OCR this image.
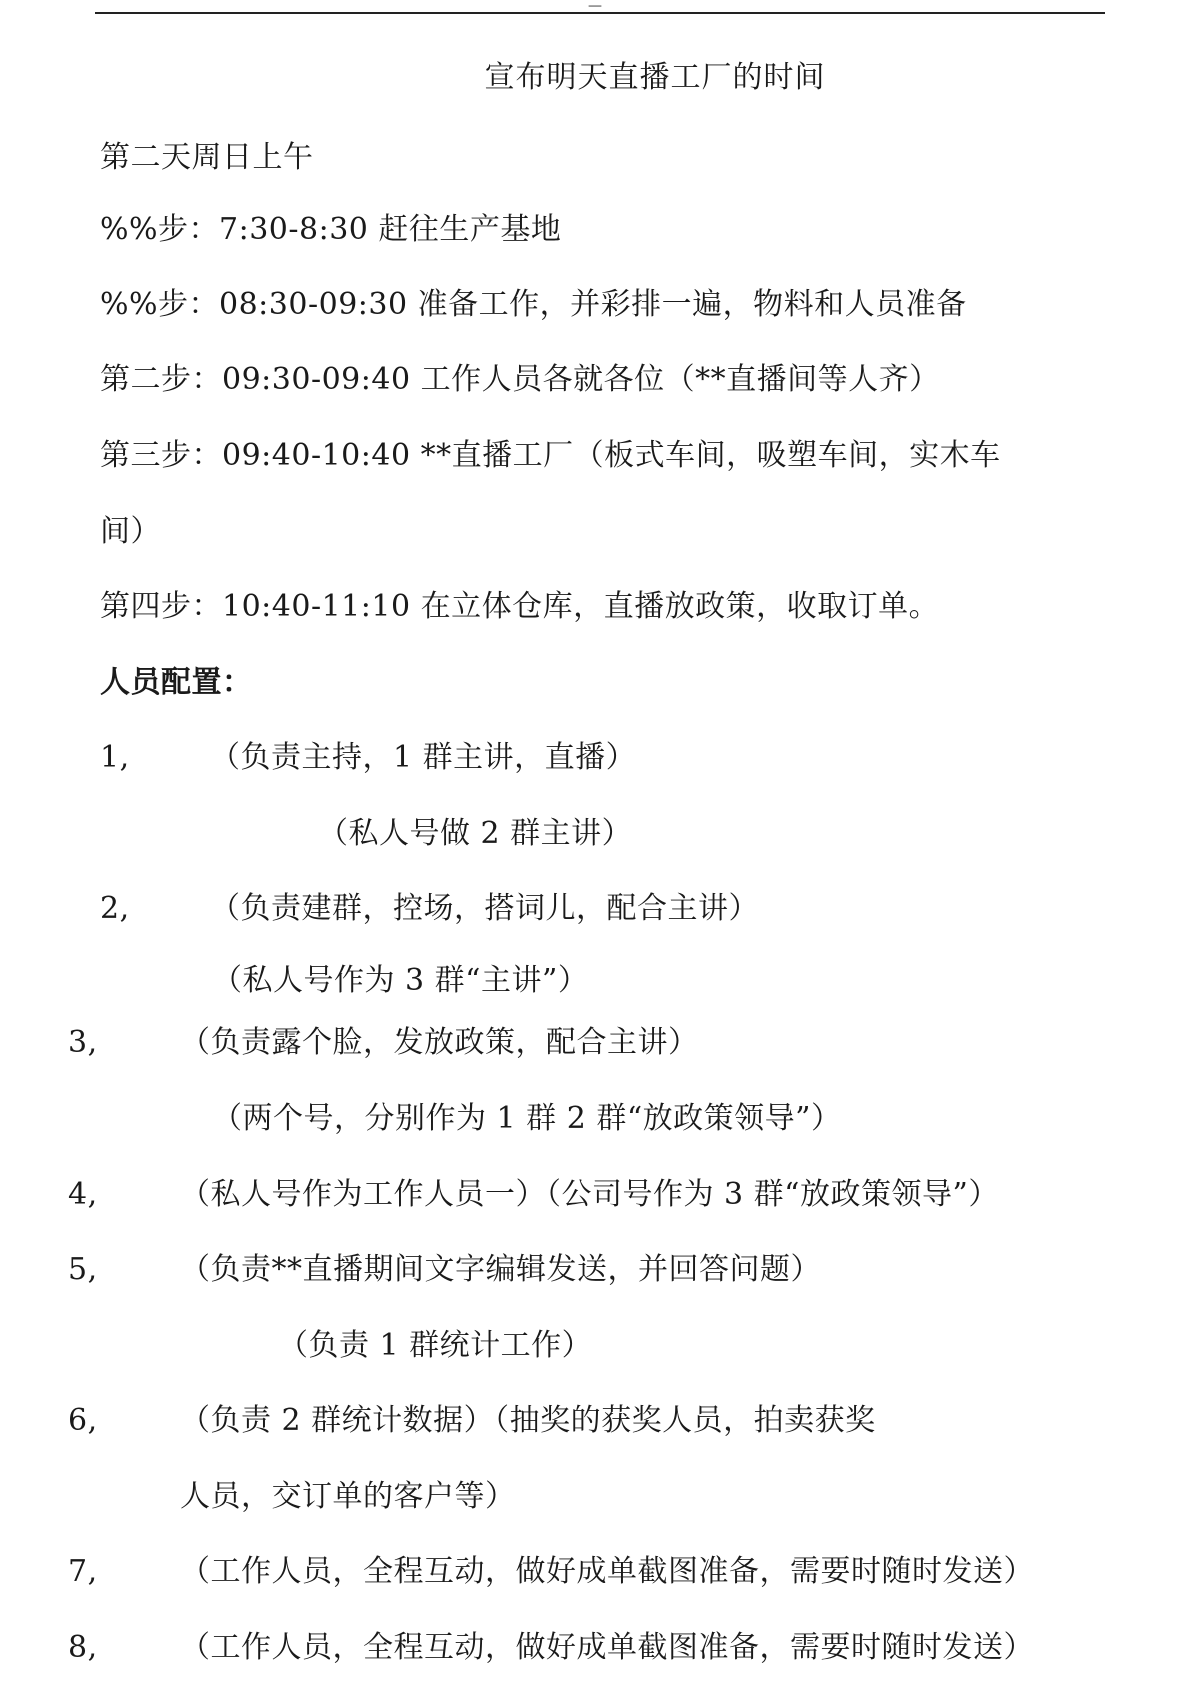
—
宣布明天直播工厂的时间
第二天周日上午
%%步：7:30-8:30 赶往生产基地
%%步：08:30-09:30 准备工作，并彩排一遍，物料和人员准备
第二步：09:30-09:40 工作人员各就各位（**直播间等人齐）
第三步：09:40-10:40 **直播工厂（板式车间，吸塑车间，实木车
间）
第四步：10:40-11:10 在立体仓库，直播放政策，收取订单。
人员配置：
1,	（负责主持，1 群主讲，直播）
（私人号做 2 群主讲）
2,	（负责建群，控场，搭词儿，配合主讲）
（私人号作为 3 群“主讲”）
3,	（负责露个脸，发放政策，配合主讲）
（两个号，分别作为 1 群 2 群“放政策领导”）
4,	（私人号作为工作人员一）（公司号作为 3 群“放政策领导”）
5,	（负责**直播期间文字编辑发送，并回答问题）
（负责 1 群统计工作）
6,	（负责 2 群统计数据）（抽奖的获奖人员，拍卖获奖
人员，交订单的客户等）
7,	（工作人员，全程互动，做好成单截图准备，需要时随时发送）
8,	（工作人员，全程互动，做好成单截图准备，需要时随时发送）
